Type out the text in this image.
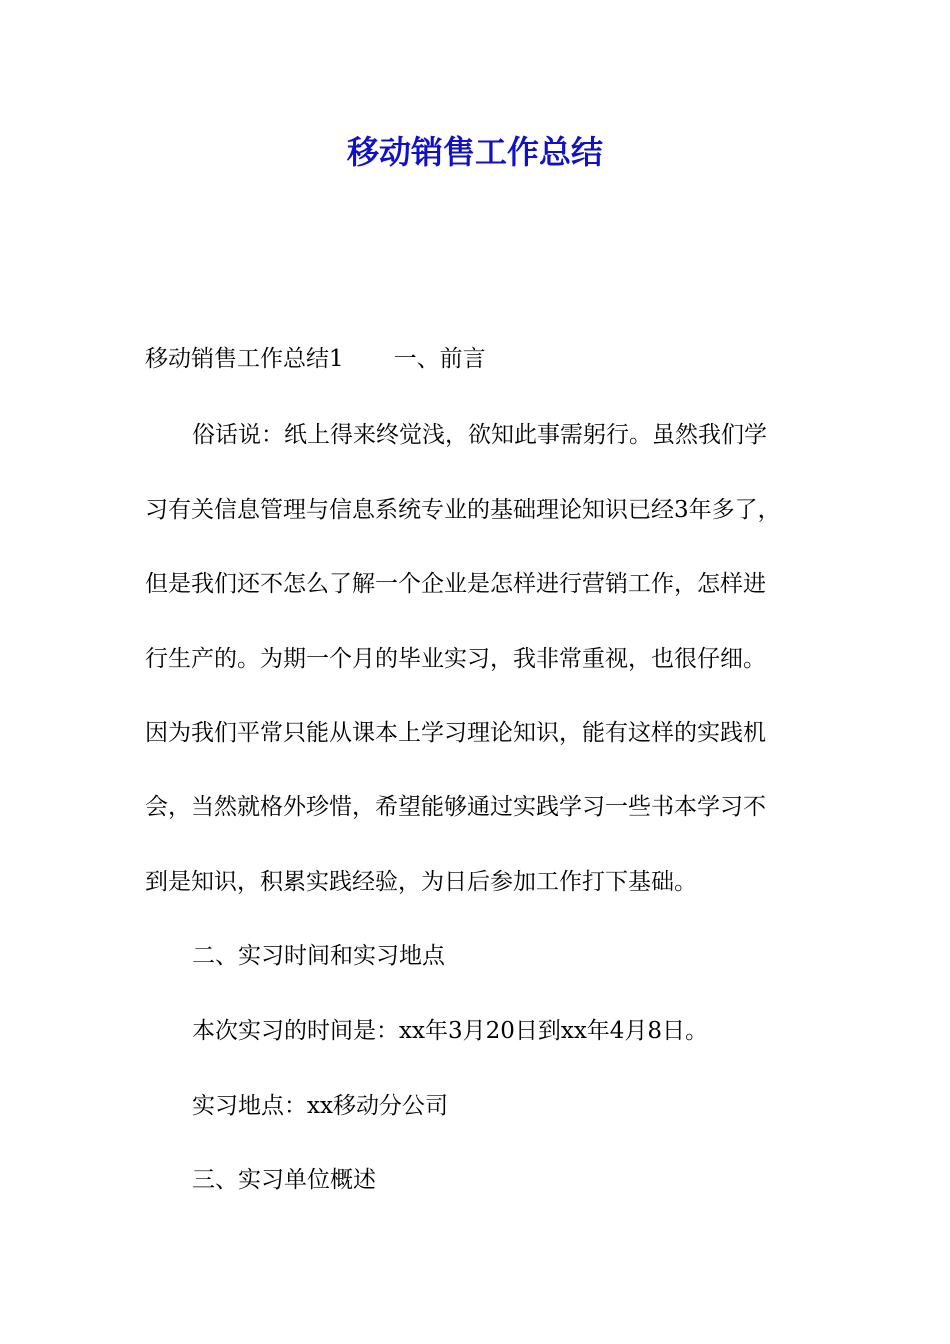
移动销售工作总结

移动销售工作总结1 一、前言

俗话说：纸上得来终觉浅，欲知此事需躬行。虽然我们学

习有关信息管理与信息系统专业的基础理论知识已经3年多了，

但是我们还不怎么了解一个企业是怎样进行营销工作，怎样进

行生产的。为期一个月的毕业实习，我非常重视，也很仔细。

因为我们平常只能从课本上学习理论知识，能有这样的实践机

会，当然就格外珍惜，希望能够通过实践学习一些书本学习不

到是知识，积累实践经验，为日后参加工作打下基础。

二、实习时间和实习地点

本次实习的时间是：xx年3月20日到xx年4月8日。

实习地点：xx移动分公司

三、实习单位概述
